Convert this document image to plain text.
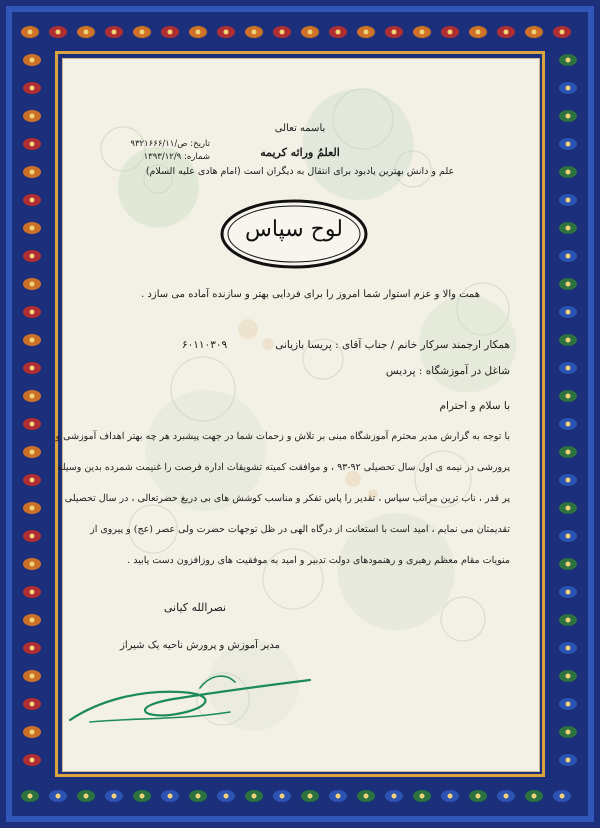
باسمه تعالی
العلمُ وراثه کریمه
علم و دانش بهترین یادبود برای انتقال به دیگران است (امام هادی علیه السلام)
تاریخ: ص/۹۳۲۱۶۶۶/۱۱
شماره: ۱۳۹۳/۱۲/۹
لوح سپاس
همت والا و عزم استوار شما امروز را برای فردایی بهتر و سازنده آماده می سازد .
همکار ارجمند سرکار خانم / جناب آقای : پریسا بازیانی
۶۰۱۱۰۳۰۹
شاغل در آموزشگاه : پردیس
با سلام و احترام
با توجه به گزارش مدیر محترم آموزشگاه مبنی بر تلاش و زحمات شما در جهت پیشبرد هر چه بهتر اهداف آموزشی و
پرورشی در نیمه ی اول سال تحصیلی ۹۲-۹۳ ، و موافقت کمیته تشویقات اداره فرصت را غنیمت شمرده بدین وسیله
پر قدر ، ناب ترین مراتب سپاس ، تقدیر را پاس تفکر و مناسب کوشش های بی دریغ حضرتعالی ، در سال تحصیلی
تقدیمتان می نمایم ، امید است با استعانت از درگاه الهی در ظل توجهات حضرت ولی عصر (عج) و پیروی از
منویات مقام معظم رهبری و رهنمودهای دولت تدبیر و امید به موفقیت های روزافزون دست یابید .
نصرالله کیانی
مدیر آموزش و پرورش ناحیه یک شیراز
